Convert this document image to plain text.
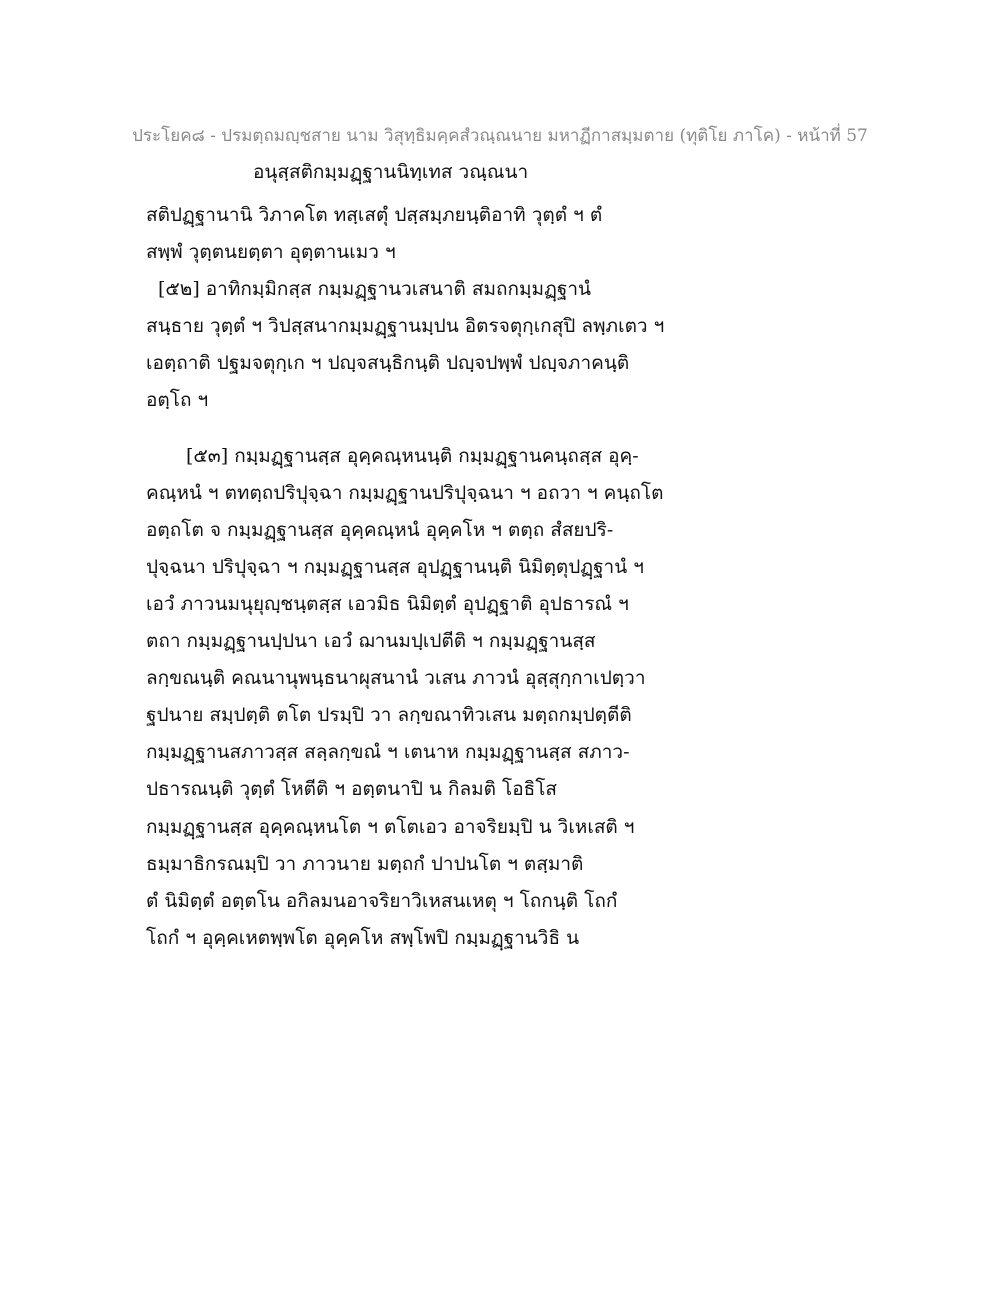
ประโยค๘ - ปรมตฺถมญฺชสาย นาม วิสุทฺธิมคฺคสํวณฺณนาย มหาฏีกาสมฺมตาย (ทุติโย ภาโค) - หน้าที่ 57
อนุสฺสติกมฺมฏฺฐานนิทฺเทส วณฺณนา
สติปฏฺฐานานิ วิภาคโต ทสฺเสตุํ ปสฺสมฺภยนฺติอาทิ วุตฺตํ ฯ ตํ
สพฺพํ วุตฺตนยตฺตา อุตฺตานเมว ฯ
[๕๒] อาทิกมฺมิกสฺส กมฺมฏฺฐานวเสนาติ สมถกมฺมฏฺฐานํ
สนฺธาย วุตฺตํ ฯ วิปสฺสนากมฺมฏฺฐานมฺปน อิตรจตุกฺเกสุปิ ลพฺภเตว ฯ
เอตฺถาติ ปฐมจตุกฺเก ฯ ปญฺจสนฺธิกนฺติ ปญฺจปพฺพํ ปญฺจภาคนฺติ
อตฺโถ ฯ
[๕๓] กมฺมฏฺฐานสฺส อุคฺคณฺหนนฺติ กมฺมฏฺฐานคนฺถสฺส อุคฺ-
คณฺหนํ ฯ ตทตฺถปริปุจฺฉา กมฺมฏฺฐานปริปุจฺฉนา ฯ อถวา ฯ คนฺถโต
อตฺถโต จ กมฺมฏฺฐานสฺส อุคฺคณฺหนํ อุคฺคโห ฯ ตตฺถ สํสยปริ-
ปุจฺฉนา ปริปุจฺฉา ฯ กมฺมฏฺฐานสฺส อุปฏฺฐานนฺติ นิมิตฺตุปฏฺฐานํ ฯ
เอวํ ภาวนมนุยุญฺชนฺตสฺส เอวมิธ นิมิตฺตํ อุปฏฺฐาติ อุปธารณํ ฯ
ตถา กมฺมฏฺฐานปฺปนา เอวํ ฌานมปฺเปตีติ ฯ กมฺมฏฺฐานสฺส
ลกฺขณนฺติ คณนานุพนฺธนาผุสนานํ วเสน ภาวนํ อุสฺสุกฺกาเปตฺวา
ฐปนาย สมฺปตฺติ ตโต ปรมฺปิ วา ลกฺขณาทิวเสน มตฺถกมฺปตฺตีติ
กมฺมฏฺฐานสภาวสฺส สลฺลกฺขณํ ฯ เตนาห กมฺมฏฺฐานสฺส สภาว-
ปธารณนฺติ วุตฺตํ โหตีติ ฯ อตฺตนาปิ น กิลมติ โอธิโส
กมฺมฏฺฐานสฺส อุคฺคณฺหนโต ฯ ตโตเอว อาจริยมฺปิ น วิเหเสติ ฯ
ธมฺมาธิกรณมฺปิ วา ภาวนาย มตฺถกํ ปาปนโต ฯ ตสฺมาติ
ตํ นิมิตฺตํ อตฺตโน อกิลมนอาจริยาวิเหสนเหตุ ฯ โถกนฺติ โถกํ
โถกํ ฯ อุคฺคเหตพฺพโต อุคฺคโห สพฺโพปิ กมฺมฏฺฐานวิธิ น
